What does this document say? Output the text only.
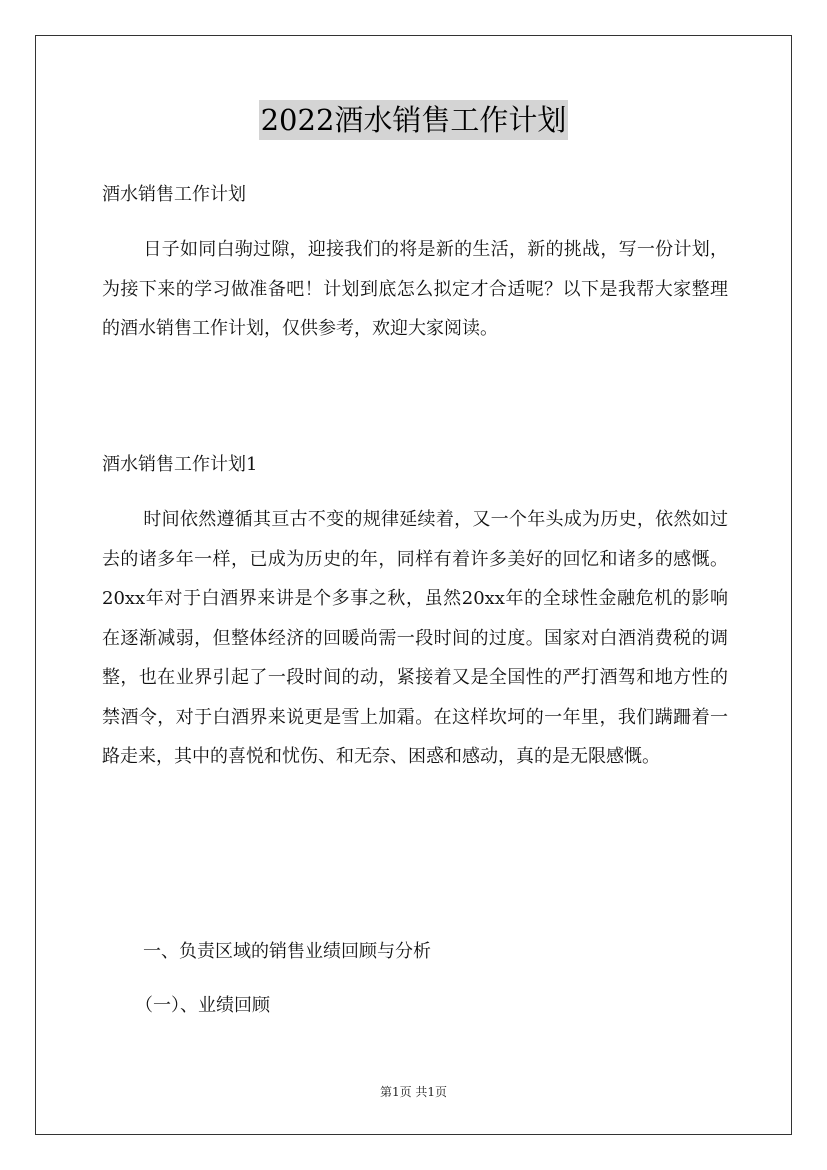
2022酒水销售工作计划
酒水销售工作计划
日子如同白驹过隙，迎接我们的将是新的生活，新的挑战，写一份计划，为接下来的学习做准备吧！计划到底怎么拟定才合适呢？以下是我帮大家整理的酒水销售工作计划，仅供参考，欢迎大家阅读。
酒水销售工作计划1
时间依然遵循其亘古不变的规律延续着，又一个年头成为历史，依然如过去的诸多年一样，已成为历史的年，同样有着许多美好的回忆和诸多的感慨。20xx年对于白酒界来讲是个多事之秋，虽然20xx年的全球性金融危机的影响在逐渐减弱，但整体经济的回暖尚需一段时间的过度。国家对白酒消费税的调整，也在业界引起了一段时间的动，紧接着又是全国性的严打酒驾和地方性的禁酒令，对于白酒界来说更是雪上加霜。在这样坎坷的一年里，我们蹒跚着一路走来，其中的喜悦和忧伤、和无奈、困惑和感动，真的是无限感慨。
一、负责区域的销售业绩回顾与分析
（一）、业绩回顾
第1页 共1页
